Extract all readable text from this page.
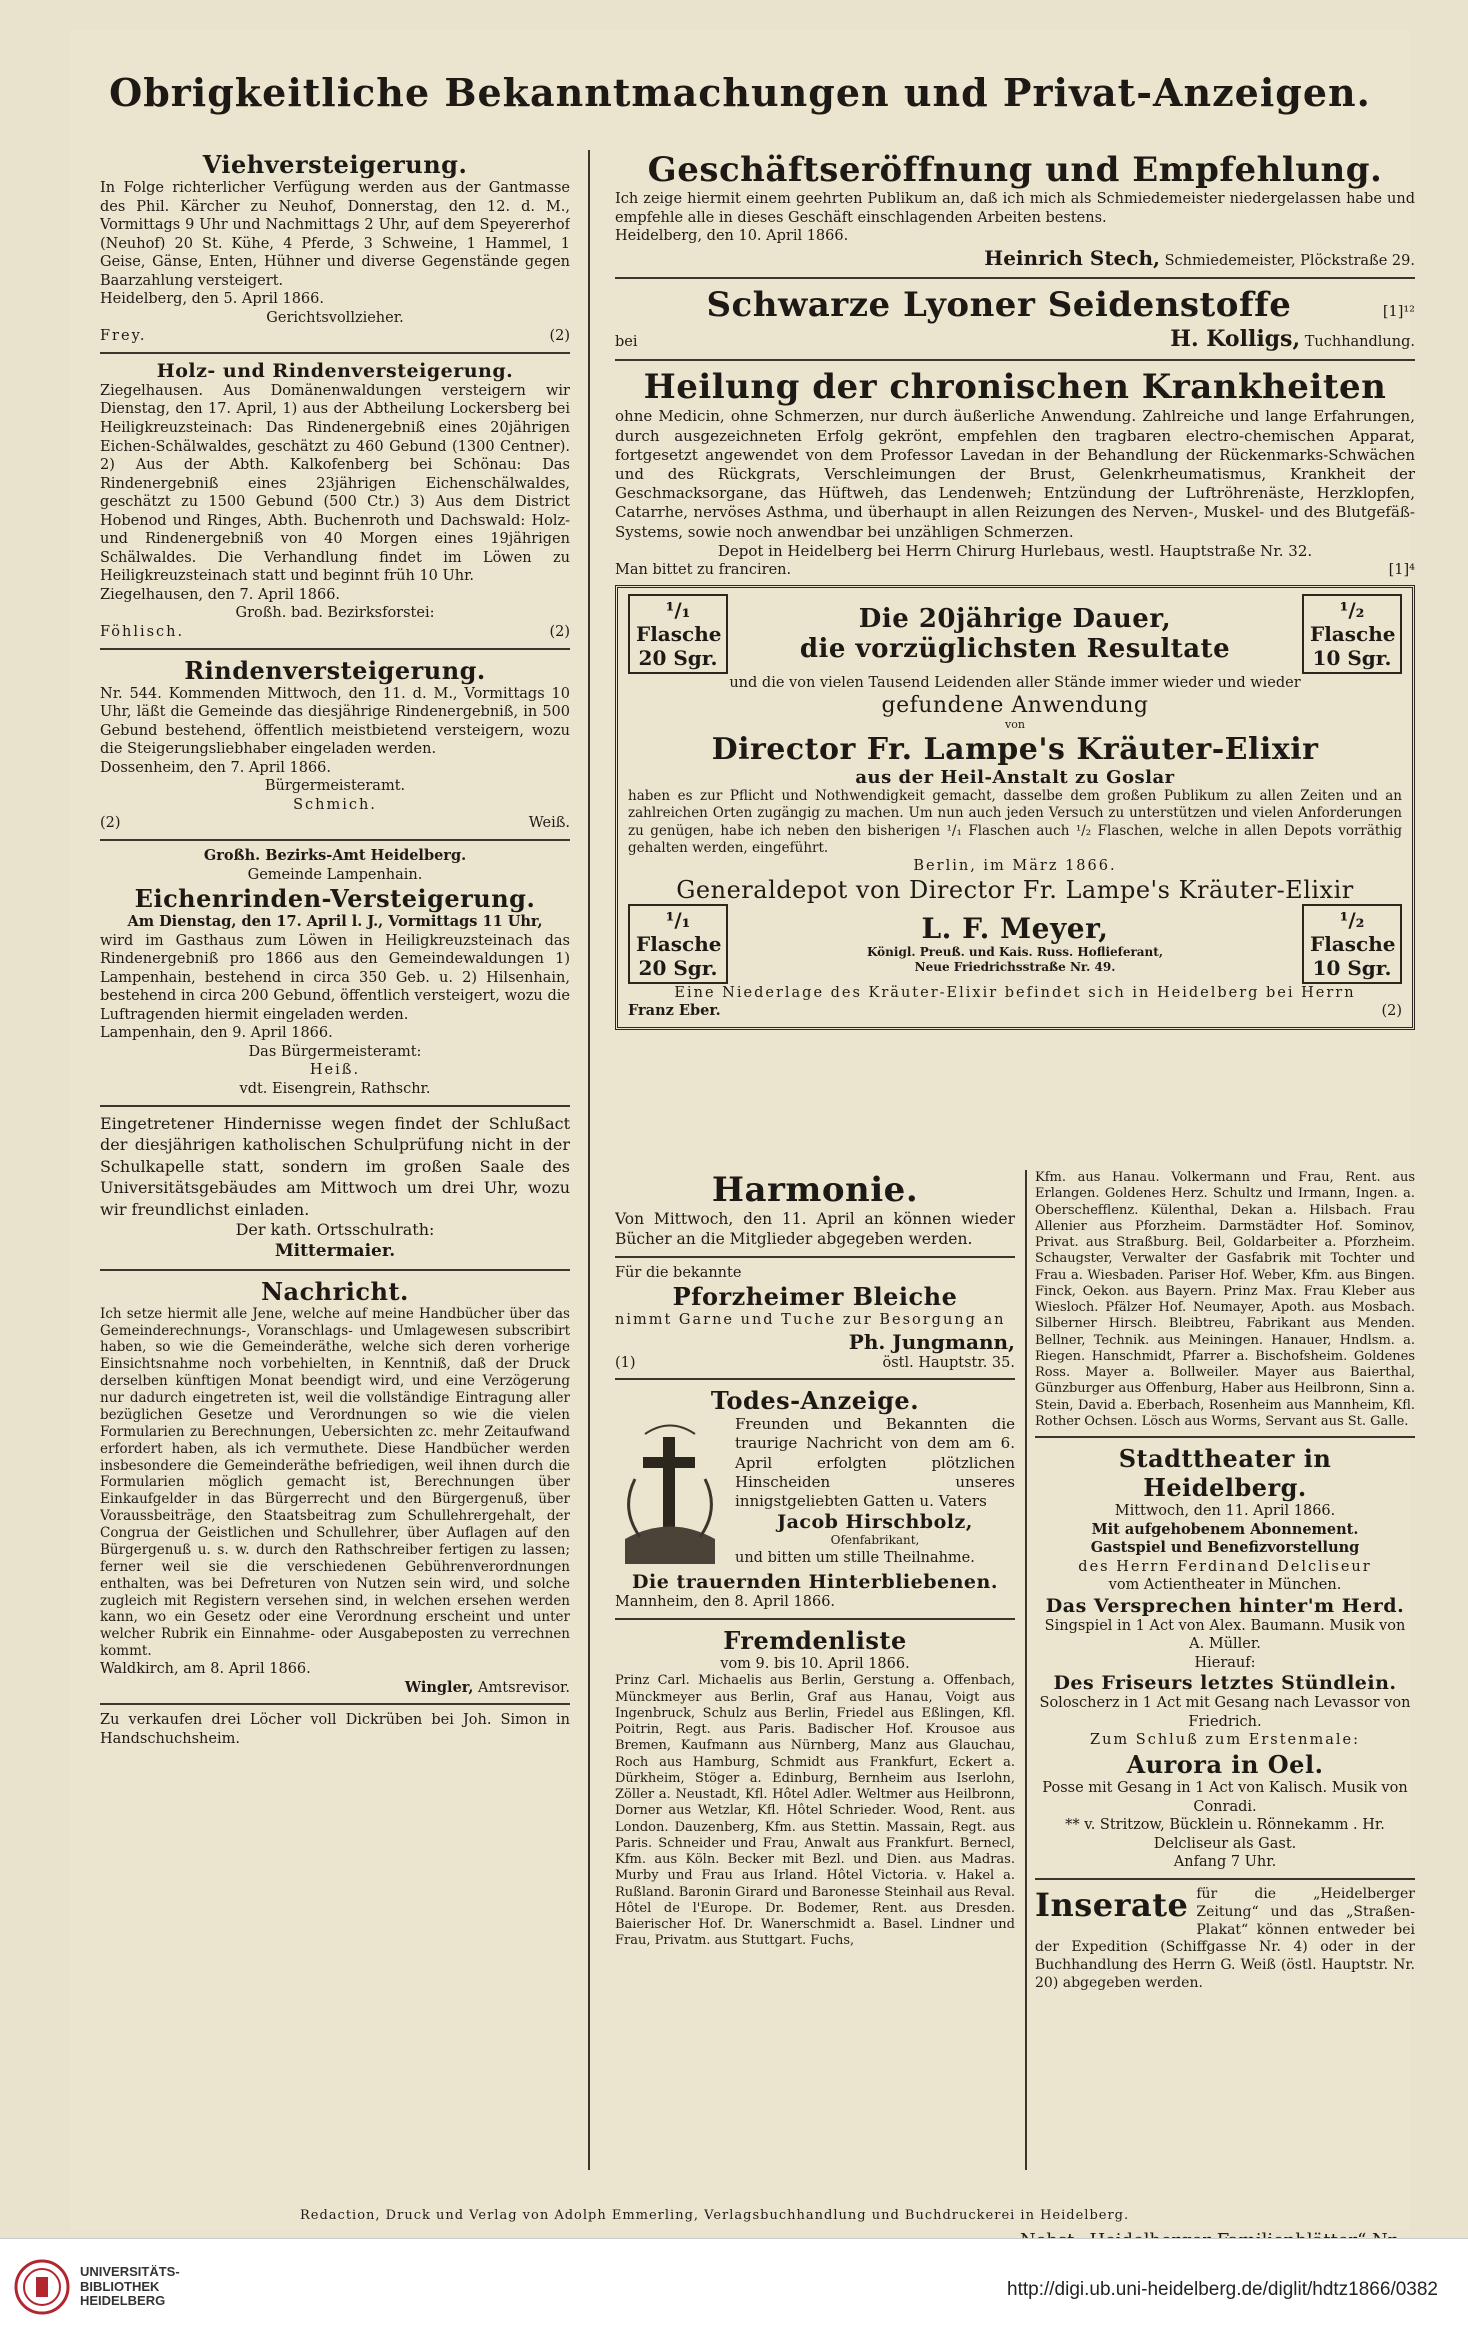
Obrigkeitliche Bekanntmachungen und Privat-Anzeigen.
Viehversteigerung.

In Folge richterlicher Verfügung werden aus der Gantmasse des Phil. Kärcher zu Neuhof, Donnerstag, den 12. d. M., Vormittags 9 Uhr und Nachmittags 2 Uhr, auf dem Speyererhof (Neuhof) 20 St. Kühe, 4 Pferde, 3 Schweine, 1 Hammel, 1 Geise, Gänse, Enten, Hühner und diverse Gegenstände gegen Baarzahlung versteigert.

Heidelberg, den 5. April 1866.

Gerichtsvollzieher.

Frey.	(2)
Holz- und Rindenversteigerung.

Ziegelhausen. Aus Domänenwaldungen versteigern wir Dienstag, den 17. April, 1) aus der Abtheilung Lockersberg bei Heiligkreuzsteinach: Das Rindenergebniß eines 20jährigen Eichen-Schälwaldes, geschätzt zu 460 Gebund (1300 Centner). 2) Aus der Abth. Kalkofenberg bei Schönau: Das Rindenergebniß eines 23jährigen Eichenschälwaldes, geschätzt zu 1500 Gebund (500 Ctr.) 3) Aus dem District Hobenod und Ringes, Abth. Buchenroth und Dachswald: Holz- und Rindenergebniß von 40 Morgen eines 19jährigen Schälwaldes. Die Verhandlung findet im Löwen zu Heiligkreuzsteinach statt und beginnt früh 10 Uhr.

Ziegelhausen, den 7. April 1866.

Großh. bad. Bezirksforstei:

Föhlisch.	(2)
Rindenversteigerung.

Nr. 544. Kommenden Mittwoch, den 11. d. M., Vormittags 10 Uhr, läßt die Gemeinde das diesjährige Rindenergebniß, in 500 Gebund bestehend, öffentlich meistbietend versteigern, wozu die Steigerungsliebhaber eingeladen werden.

Dossenheim, den 7. April 1866.

Bürgermeisteramt.

Schmich.

(2)	Weiß.

Großh. Bezirks-Amt Heidelberg.

Gemeinde Lampenhain.

Eichenrinden-Versteigerung.

Am Dienstag, den 17. April l. J., Vormittags 11 Uhr,

wird im Gasthaus zum Löwen in Heiligkreuzsteinach das Rindenergebniß pro 1866 aus den Gemeindewaldungen 1) Lampenhain, bestehend in circa 350 Geb. u. 2) Hilsenhain, bestehend in circa 200 Gebund, öffentlich versteigert, wozu die Luftragenden hiermit eingeladen werden.

Lampenhain, den 9. April 1866.

Das Bürgermeisteramt:

Heiß.

vdt. Eisengrein, Rathschr.

Eingetretener Hindernisse wegen findet der Schlußact der diesjährigen katholischen Schulprüfung nicht in der Schulkapelle statt, sondern im großen Saale des Universitätsgebäudes am Mittwoch um drei Uhr, wozu wir freundlichst einladen.

Der kath. Ortsschulrath:

Mittermaier.

Nachricht.

Ich setze hiermit alle Jene, welche auf meine Handbücher über das Gemeinderechnungs-, Voranschlags- und Umlagewesen subscribirt haben, so wie die Gemeinderäthe, welche sich deren vorherige Einsichtsnahme noch vorbehielten, in Kenntniß, daß der Druck derselben künftigen Monat beendigt wird, und eine Verzögerung nur dadurch eingetreten ist, weil die vollständige Eintragung aller bezüglichen Gesetze und Verordnungen so wie die vielen Formularien zu Berechnungen, Uebersichten zc. mehr Zeitaufwand erfordert haben, als ich vermuthete. Diese Handbücher werden insbesondere die Gemeinderäthe befriedigen, weil ihnen durch die Formularien möglich gemacht ist, Berechnungen über Einkaufgelder in das Bürgerrecht und den Bürgergenuß, über Voraussbeiträge, den Staatsbeitrag zum Schullehrergehalt, der Congrua der Geistlichen und Schullehrer, über Auflagen auf den Bürgergenuß u. s. w. durch den Rathschreiber fertigen zu lassen; ferner weil sie die verschiedenen Gebührenverordnungen enthalten, was bei Defreturen von Nutzen sein wird, und solche zugleich mit Registern versehen sind, in welchen ersehen werden kann, wo ein Gesetz oder eine Verordnung erscheint und unter welcher Rubrik ein Einnahme- oder Ausgabeposten zu verrechnen kommt.

Waldkirch, am 8. April 1866.

Wingler, Amtsrevisor.

Zu verkaufen drei Löcher voll Dickrüben bei Joh. Simon in Handschuchsheim.

Geschäftseröffnung und Empfehlung.

Ich zeige hiermit einem geehrten Publikum an, daß ich mich als Schmiedemeister niedergelassen habe und empfehle alle in dieses Geschäft einschlagenden Arbeiten bestens.

Heidelberg, den 10. April 1866.

Heinrich Stech, Schmiedemeister, Plöckstraße 29.
Schwarze Lyoner Seidenstoffe	[1]¹²
bei	H. Kolligs, Tuchhandlung.
Heilung der chronischen Krankheiten

ohne Medicin, ohne Schmerzen, nur durch äußerliche Anwendung. Zahlreiche und lange Erfahrungen, durch ausgezeichneten Erfolg gekrönt, empfehlen den tragbaren electro-chemischen Apparat, fortgesetzt angewendet von dem Professor Lavedan in der Behandlung der Rückenmarks-Schwächen und des Rückgrats, Verschleimungen der Brust, Gelenkrheumatismus, Krankheit der Geschmacksorgane, das Hüftweh, das Lendenweh; Entzündung der Luftröhrenäste, Herzklopfen, Catarrhe, nervöses Asthma, und überhaupt in allen Reizungen des Nerven-, Muskel- und des Blutgefäß-Systems, sowie noch anwendbar bei unzähligen Schmerzen.

Depot in Heidelberg bei Herrn Chirurg Hurlebaus, westl. Hauptstraße Nr. 32.

Man bittet zu franciren.	[1]⁴
¹/₁ Flasche
20 Sgr.
Die 20jährige Dauer,
die vorzüglichsten Resultate
¹/₂ Flasche
10 Sgr.

und die von vielen Tausend Leidenden aller Stände immer wieder und wieder

gefundene Anwendung

von

Director Fr. Lampe's Kräuter-Elixir
aus der Heil-Anstalt zu Goslar

haben es zur Pflicht und Nothwendigkeit gemacht, dasselbe dem großen Publikum zu allen Zeiten und an zahlreichen Orten zugängig zu machen. Um nun auch jeden Versuch zu unterstützen und vielen Anforderungen zu genügen, habe ich neben den bisherigen ¹/₁ Flaschen auch ¹/₂ Flaschen, welche in allen Depots vorräthig gehalten werden, eingeführt.

Berlin, im März 1866.

Generaldepot von Director Fr. Lampe's Kräuter-Elixir
¹/₁ Flasche
20 Sgr.
L. F. Meyer,

Königl. Preuß. und Kais. Russ. Hoflieferant,

Neue Friedrichsstraße Nr. 49.

¹/₂ Flasche
10 Sgr.

Eine Niederlage des Kräuter-Elixir befindet sich in Heidelberg bei Herrn

Franz Eber.	(2)
Harmonie.

Von Mittwoch, den 11. April an können wieder Bücher an die Mitglieder abgegeben werden.

Für die bekannte

Pforzheimer Bleiche

nimmt Garne und Tuche zur Besorgung an

Ph. Jungmann,
(1)	östl. Hauptstr. 35.
Todes-Anzeige.

Freunden und Bekannten die traurige Nachricht von dem am 6. April erfolgten plötzlichen Hinscheiden unseres innigstgeliebten Gatten u. Vaters

Jacob Hirschbolz,

Ofenfabrikant,

und bitten um stille Theilnahme.

Die trauernden Hinterbliebenen.

Mannheim, den 8. April 1866.

Fremdenliste

vom 9. bis 10. April 1866.

Prinz Carl. Michaelis aus Berlin, Gerstung a. Offenbach, Münckmeyer aus Berlin, Graf aus Hanau, Voigt aus Ingenbruck, Schulz aus Berlin, Friedel aus Eßlingen, Kfl. Poitrin, Regt. aus Paris. Badischer Hof. Krousoe aus Bremen, Kaufmann aus Nürnberg, Manz aus Glauchau, Roch aus Hamburg, Schmidt aus Frankfurt, Eckert a. Dürkheim, Stöger a. Edinburg, Bernheim aus Iserlohn, Zöller a. Neustadt, Kfl. Hôtel Adler. Weltmer aus Heilbronn, Dorner aus Wetzlar, Kfl. Hôtel Schrieder. Wood, Rent. aus London. Dauzenberg, Kfm. aus Stettin. Massain, Regt. aus Paris. Schneider und Frau, Anwalt aus Frankfurt. Bernecl, Kfm. aus Köln. Becker mit Bezl. und Dien. aus Madras. Murby und Frau aus Irland. Hôtel Victoria. v. Hakel a. Rußland. Baronin Girard und Baronesse Steinhail aus Reval. Hôtel de l'Europe. Dr. Bodemer, Rent. aus Dresden. Baierischer Hof. Dr. Wanerschmidt a. Basel. Lindner und Frau, Privatm. aus Stuttgart. Fuchs,

Kfm. aus Hanau. Volkermann und Frau, Rent. aus Erlangen. Goldenes Herz. Schultz und Irmann, Ingen. a. Oberschefflenz. Külenthal, Dekan a. Hilsbach. Frau Allenier aus Pforzheim. Darmstädter Hof. Sominov, Privat. aus Straßburg. Beil, Goldarbeiter a. Pforzheim. Schaugster, Verwalter der Gasfabrik mit Tochter und Frau a. Wiesbaden. Pariser Hof. Weber, Kfm. aus Bingen. Finck, Oekon. aus Bayern. Prinz Max. Frau Kleber aus Wiesloch. Pfälzer Hof. Neumayer, Apoth. aus Mosbach. Silberner Hirsch. Bleibtreu, Fabrikant aus Menden. Bellner, Technik. aus Meiningen. Hanauer, Hndlsm. a. Riegen. Hanschmidt, Pfarrer a. Bischofsheim. Goldenes Ross. Mayer a. Bollweiler. Mayer aus Baierthal, Günzburger aus Offenburg, Haber aus Heilbronn, Sinn a. Stein, David a. Eberbach, Rosenheim aus Mannheim, Kfl. Rother Ochsen. Lösch aus Worms, Servant aus St. Galle.

Stadttheater in Heidelberg.

Mittwoch, den 11. April 1866.

Mit aufgehobenem Abonnement.

Gastspiel und Benefizvorstellung

des Herrn Ferdinand Delcliseur

vom Actientheater in München.

Das Versprechen hinter'm Herd.

Singspiel in 1 Act von Alex. Baumann. Musik von A. Müller.

Hierauf:

Des Friseurs letztes Stündlein.

Soloscherz in 1 Act mit Gesang nach Levassor von Friedrich.

Zum Schluß zum Erstenmale:

Aurora in Oel.

Posse mit Gesang in 1 Act von Kalisch. Musik von Conradi.

** v. Stritzow, Bücklein u. Rönnekamm . Hr. Delcliseur als Gast.

Anfang 7 Uhr.

Inserate für die „Heidelberger Zeitung“ und das „Straßen-Plakat“ können entweder bei der Expedition (Schiffgasse Nr. 4) oder in der Buchhandlung des Herrn G. Weiß (östl. Hauptstr. Nr. 20) abgegeben werden.

Redaction, Druck und Verlag von Adolph Emmerling, Verlagsbuchhandlung und Buchdruckerei in Heidelberg.
UNIVERSITÄTS-
BIBLIOTHEK
HEIDELBERG
http://digi.ub.uni-heidelberg.de/diglit/hdtz1866/0382
